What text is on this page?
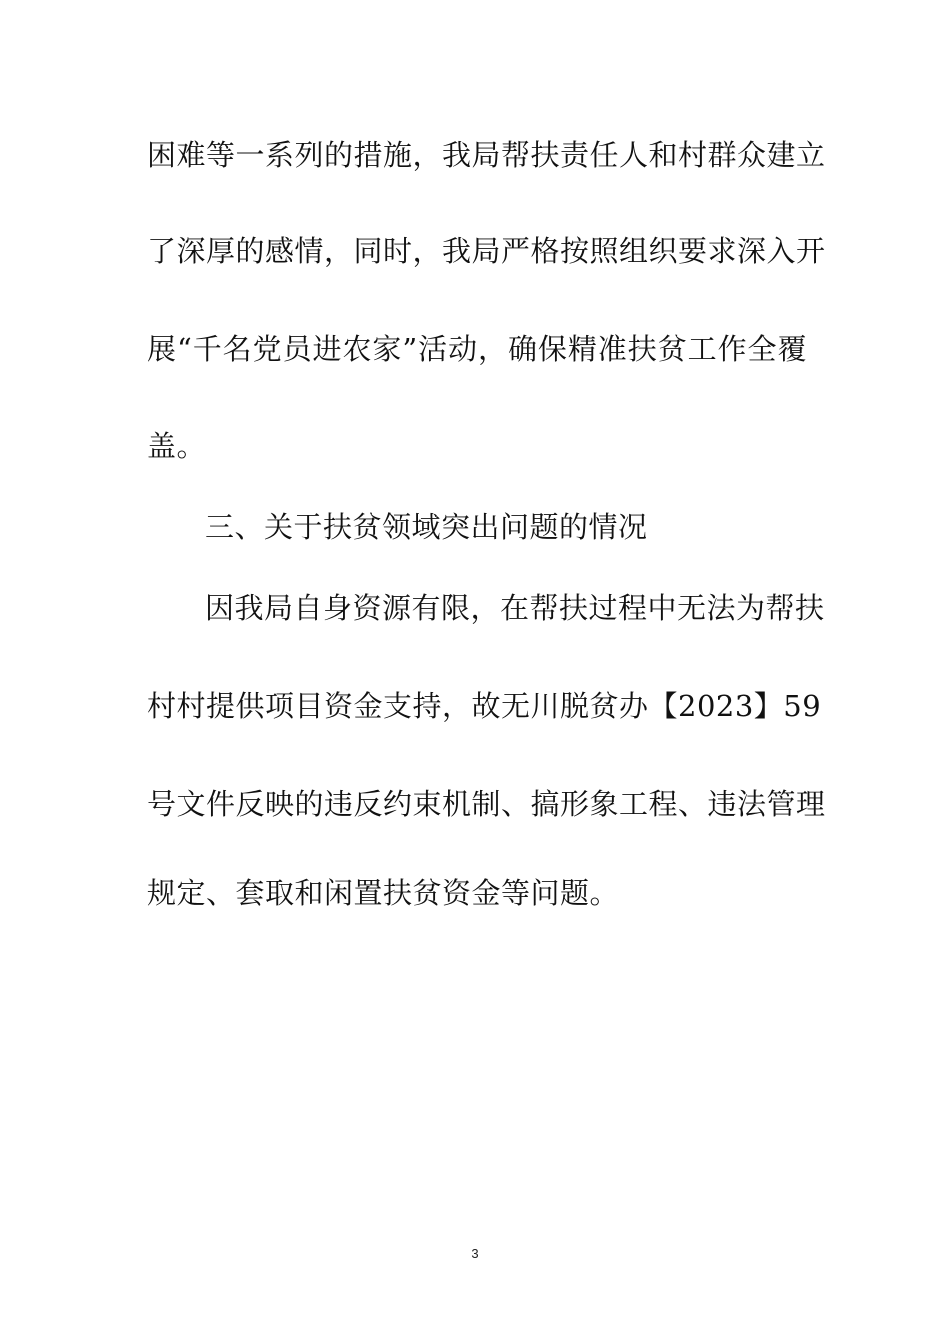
困难等一系列的措施，我局帮扶责任人和村群众建立
了深厚的感情，同时，我局严格按照组织要求深入开
展“千名党员进农家”活动，确保精准扶贫工作全覆
盖。
三、关于扶贫领域突出问题的情况
因我局自身资源有限，在帮扶过程中无法为帮扶
村村提供项目资金支持，故无川脱贫办【2023】59
号文件反映的违反约束机制、搞形象工程、违法管理
规定、套取和闲置扶贫资金等问题。
3
